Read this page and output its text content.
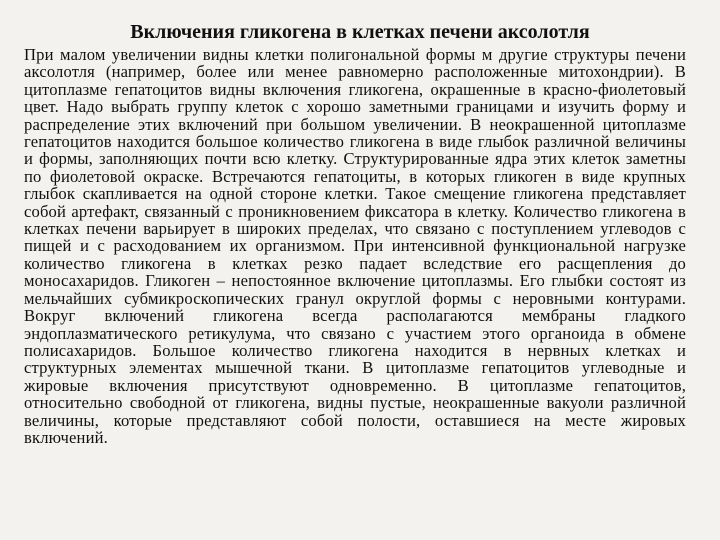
Включения гликогена в клетках печени аксолотля
При малом увеличении видны клетки полигональной формы м другие структуры печени аксолотля (например, более или менее равномерно расположенные митохондрии). В цитоплазме гепатоцитов видны включения гликогена, окрашенные в красно-фиолетовый цвет. Надо выбрать группу клеток с хорошо заметными границами и изучить форму и распределение этих включений при большом увеличении. В неокрашенной цитоплазме гепатоцитов находится большое количество гликогена в виде глыбок различной величины и формы, заполняющих почти всю клетку. Структурированные ядра этих клеток заметны по фиолетовой окраске. Встречаются гепатоциты, в которых гликоген в виде крупных глыбок скапливается на одной стороне клетки. Такое смещение гликогена представляет собой артефакт, связанный с проникновением фиксатора в клетку. Количество гликогена в клетках печени варьирует в широких пределах, что связано с поступлением углеводов с пищей и с расходованием их организмом. При интенсивной функциональной нагрузке количество гликогена в клетках резко падает вследствие его расщепления до моносахаридов. Гликоген – непостоянное включение цитоплазмы. Его глыбки состоят из мельчайших субмикроскопических гранул округлой формы с неровными контурами. Вокруг включений гликогена всегда располагаются мембраны гладкого эндоплазматического ретикулума, что связано с участием этого органоида в обмене полисахаридов. Большое количество гликогена находится в нервных клетках и структурных элементах мышечной ткани. В цитоплазме гепатоцитов углеводные и жировые включения присутствуют одновременно. В цитоплазме гепатоцитов, относительно свободной от гликогена, видны пустые, неокрашенные вакуоли различной величины, которые представляют собой полости, оставшиеся на месте жировых включений.
